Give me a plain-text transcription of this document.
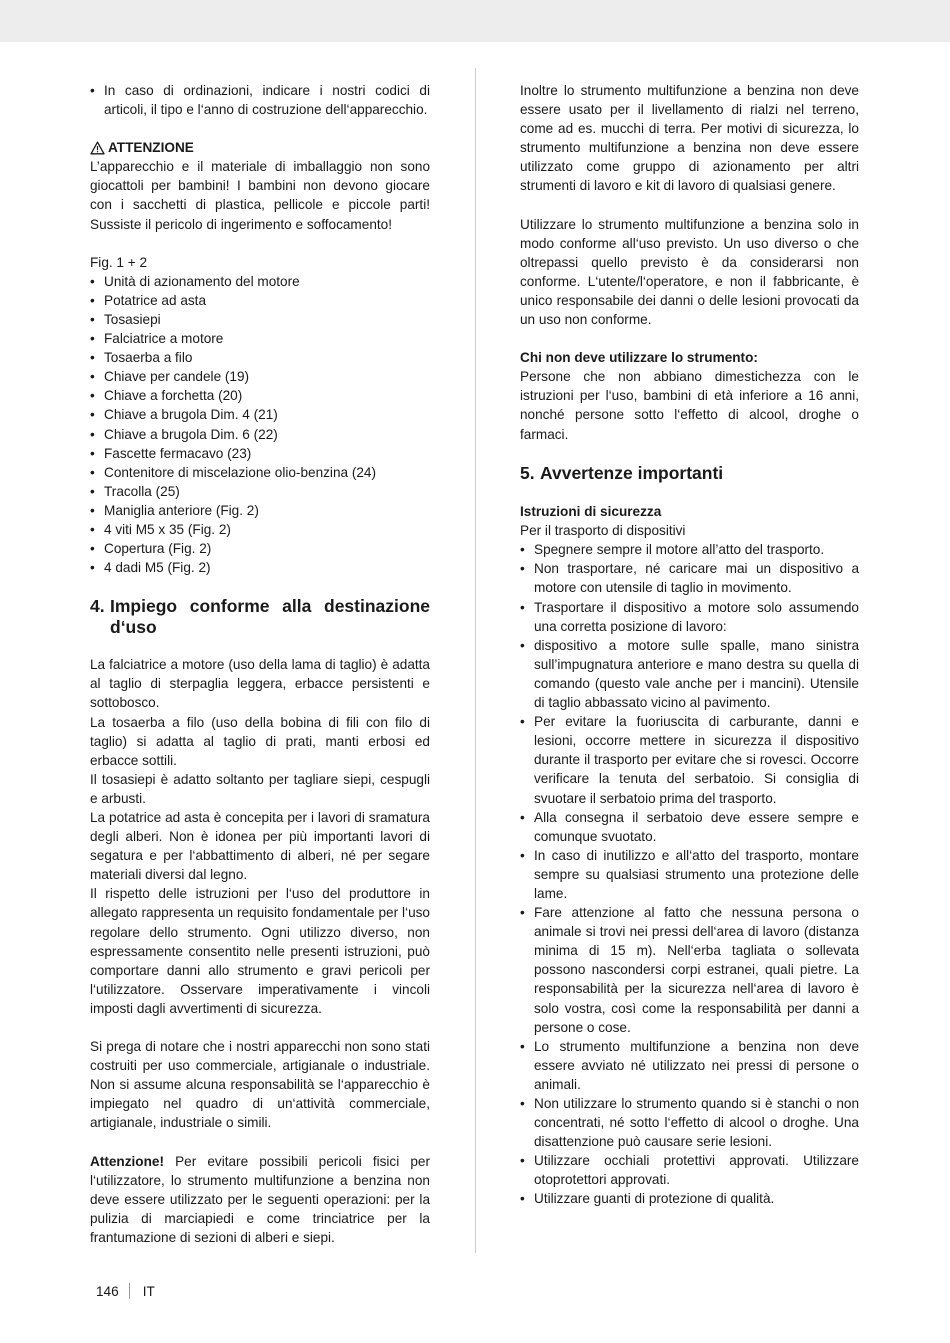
• In caso di ordinazioni, indicare i nostri codici di articoli, il tipo e l‘anno di costruzione dell‘apparecchio.
ATTENZIONE

L’apparecchio e il materiale di imballaggio non sono giocattoli per bambini! I bambini non devono giocare con i sacchetti di plastica, pellicole e piccole parti! Sussiste il pericolo di ingerimento e soffocamento!

Fig. 1 + 2

• Unità di azionamento del motore
• Potatrice ad asta
• Tosasiepi
• Falciatrice a motore
• Tosaerba a filo
• Chiave per candele (19)
• Chiave a forchetta (20)
• Chiave a brugola Dim. 4 (21)
• Chiave a brugola Dim. 6 (22)
• Fascette fermacavo (23)
• Contenitore di miscelazione olio-benzina (24)
• Tracolla (25)
• Maniglia anteriore (Fig. 2)
• 4 viti M5 x 35 (Fig. 2)
• Copertura (Fig. 2)
• 4 dadi M5 (Fig. 2)
4. Impiego conforme alla destinazione d‘uso

La falciatrice a motore (uso della lama di taglio) è adatta al taglio di sterpaglia leggera, erbacce persistenti e sottobosco.

La tosaerba a filo (uso della bobina di fili con filo di taglio) si adatta al taglio di prati, manti erbosi ed erbacce sottili.

Il tosasiepi è adatto soltanto per tagliare siepi, cespugli e arbusti.

La potatrice ad asta è concepita per i lavori di sramatura degli alberi. Non è idonea per più importanti lavori di segatura e per l‘abbattimento di alberi, né per segare materiali diversi dal legno.

Il rispetto delle istruzioni per l‘uso del produttore in allegato rappresenta un requisito fondamentale per l‘uso regolare dello strumento. Ogni utilizzo diverso, non espressamente consentito nelle presenti istruzioni, può comportare danni allo strumento e gravi pericoli per l‘utilizzatore. Osservare imperativamente i vincoli imposti dagli avvertimenti di sicurezza.

Si prega di notare che i nostri apparecchi non sono stati costruiti per uso commerciale, artigianale o industriale. Non si assume alcuna responsabilità se l‘apparecchio è impiegato nel quadro di un‘attività commerciale, artigianale, industriale o simili.

Attenzione! Per evitare possibili pericoli fisici per l‘utilizzatore, lo strumento multifunzione a benzina non deve essere utilizzato per le seguenti operazioni: per la pulizia di marciapiedi e come trinciatrice per la frantumazione di sezioni di alberi e siepi.

Inoltre lo strumento multifunzione a benzina non deve essere usato per il livellamento di rialzi nel terreno, come ad es. mucchi di terra. Per motivi di sicurezza, lo strumento multifunzione a benzina non deve essere utilizzato come gruppo di azionamento per altri strumenti di lavoro e kit di lavoro di qualsiasi genere.

Utilizzare lo strumento multifunzione a benzina solo in modo conforme all‘uso previsto. Un uso diverso o che oltrepassi quello previsto è da considerarsi non conforme. L‘utente/l‘operatore, e non il fabbricante, è unico responsabile dei danni o delle lesioni provocati da un uso non conforme.

Chi non deve utilizzare lo strumento:

Persone che non abbiano dimestichezza con le istruzioni per l‘uso, bambini di età inferiore a 16 anni, nonché persone sotto l‘effetto di alcool, droghe o farmaci.

5. Avvertenze importanti

Istruzioni di sicurezza

Per il trasporto di dispositivi

• Spegnere sempre il motore all’atto del trasporto.
• Non trasportare, né caricare mai un dispositivo a motore con utensile di taglio in movimento.
• Trasportare il dispositivo a motore solo assumendo una corretta posizione di lavoro:
• dispositivo a motore sulle spalle, mano sinistra sull’impugnatura anteriore e mano destra su quella di comando (questo vale anche per i mancini). Utensile di taglio abbassato vicino al pavimento.
• Per evitare la fuoriuscita di carburante, danni e lesioni, occorre mettere in sicurezza il dispositivo durante il trasporto per evitare che si rovesci. Occorre verificare la tenuta del serbatoio. Si consiglia di svuotare il serbatoio prima del trasporto.
• Alla consegna il serbatoio deve essere sempre e comunque svuotato.
• In caso di inutilizzo e all‘atto del trasporto, montare sempre su qualsiasi strumento una protezione delle lame.
• Fare attenzione al fatto che nessuna persona o animale si trovi nei pressi dell‘area di lavoro (distanza minima di 15 m). Nell‘erba tagliata o sollevata possono nascondersi corpi estranei, quali pietre. La responsabilità per la sicurezza nell‘area di lavoro è solo vostra, così come la responsabilità per danni a persone o cose.
• Lo strumento multifunzione a benzina non deve essere avviato né utilizzato nei pressi di persone o animali.
• Non utilizzare lo strumento quando si è stanchi o non concentrati, né sotto l‘effetto di alcool o droghe. Una disattenzione può causare serie lesioni.
• Utilizzare occhiali protettivi approvati. Utilizzare otoprotettori approvati.
• Utilizzare guanti di protezione di qualità.
146 IT
